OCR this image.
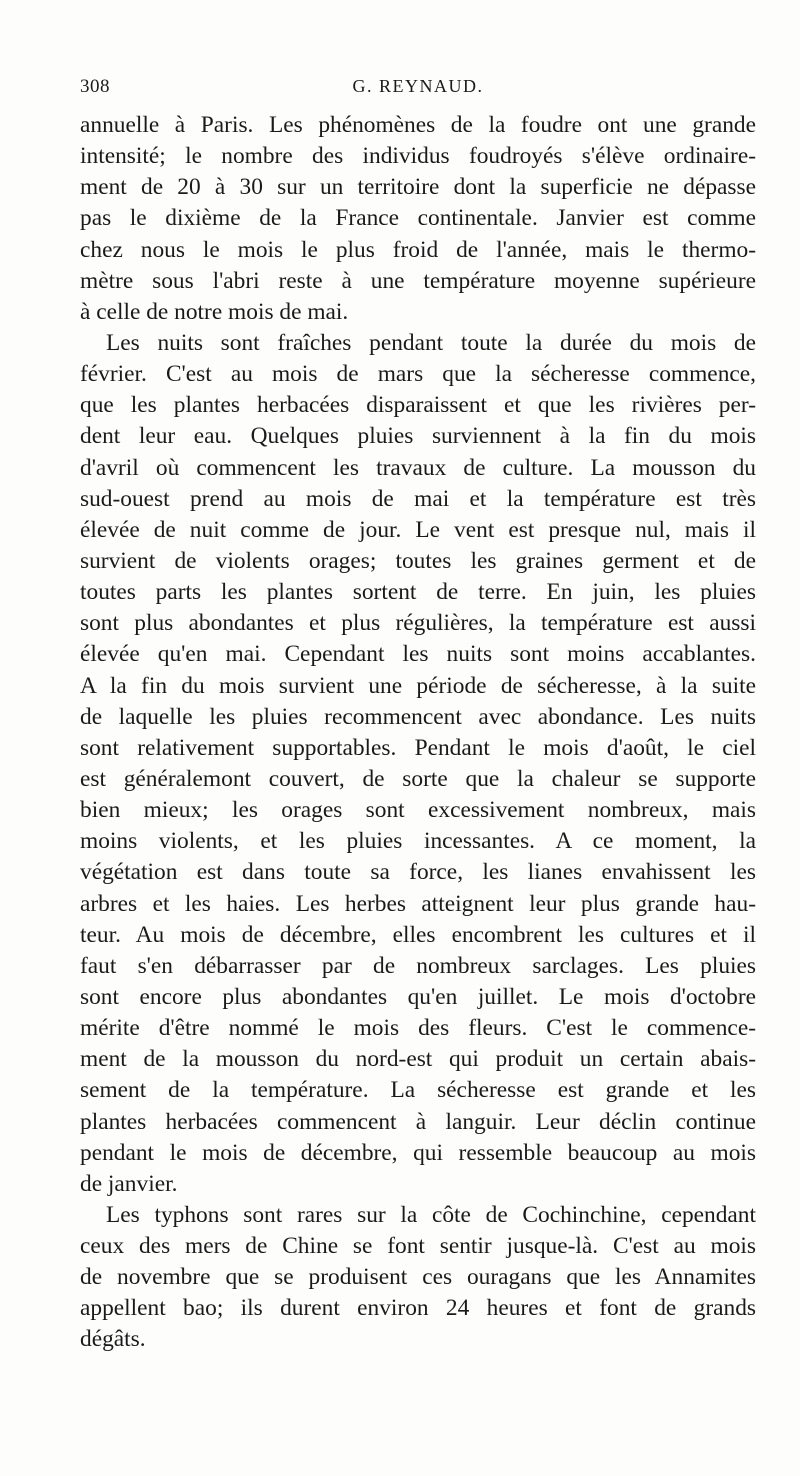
308	G. REYNAUD.
annuelle à Paris. Les phénomènes de la foudre ont une grande
intensité; le nombre des individus foudroyés s'élève ordinaire-
ment de 20 à 30 sur un territoire dont la superficie ne dépasse
pas le dixième de la France continentale. Janvier est comme
chez nous le mois le plus froid de l'année, mais le thermo-
mètre sous l'abri reste à une température moyenne supérieure
à celle de notre mois de mai.
Les nuits sont fraîches pendant toute la durée du mois de
février. C'est au mois de mars que la sécheresse commence,
que les plantes herbacées disparaissent et que les rivières per-
dent leur eau. Quelques pluies surviennent à la fin du mois
d'avril où commencent les travaux de culture. La mousson du
sud-ouest prend au mois de mai et la température est très
élevée de nuit comme de jour. Le vent est presque nul, mais il
survient de violents orages; toutes les graines germent et de
toutes parts les plantes sortent de terre. En juin, les pluies
sont plus abondantes et plus régulières, la température est aussi
élevée qu'en mai. Cependant les nuits sont moins accablantes.
A la fin du mois survient une période de sécheresse, à la suite
de laquelle les pluies recommencent avec abondance. Les nuits
sont relativement supportables. Pendant le mois d'août, le ciel
est généralemont couvert, de sorte que la chaleur se supporte
bien mieux; les orages sont excessivement nombreux, mais
moins violents, et les pluies incessantes. A ce moment, la
végétation est dans toute sa force, les lianes envahissent les
arbres et les haies. Les herbes atteignent leur plus grande hau-
teur. Au mois de décembre, elles encombrent les cultures et il
faut s'en débarrasser par de nombreux sarclages. Les pluies
sont encore plus abondantes qu'en juillet. Le mois d'octobre
mérite d'être nommé le mois des fleurs. C'est le commence-
ment de la mousson du nord-est qui produit un certain abais-
sement de la température. La sécheresse est grande et les
plantes herbacées commencent à languir. Leur déclin continue
pendant le mois de décembre, qui ressemble beaucoup au mois
de janvier.
Les typhons sont rares sur la côte de Cochinchine, cependant
ceux des mers de Chine se font sentir jusque-là. C'est au mois
de novembre que se produisent ces ouragans que les Annamites
appellent bao; ils durent environ 24 heures et font de grands
dégâts.
